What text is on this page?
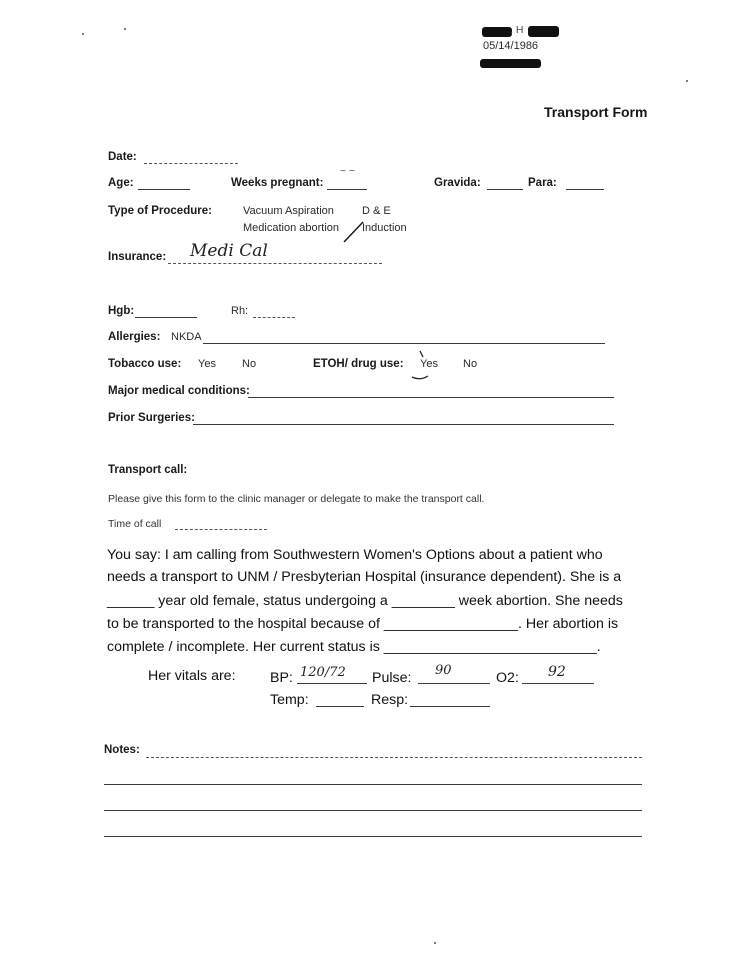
, H
05/14/1986
Transport Form
Date:
Age:	Weeks pregnant:
~ ~
Gravida:	Para:
Type of Procedure:	Vacuum Aspiration	D & E
Medication abortion Induction
Insurance: Medi Cal
Hgb:	Rh:
Allergies: NKDA
Tobacco use: Yes No	ETOH/ drug use: Yes No
Major medical conditions:
Prior Surgeries:
Transport call:
Please give this form to the clinic manager or delegate to make the transport call.
Time of call
You say: I am calling from Southwestern Women's Options about a patient who
needs a transport to UNM / Presbyterian Hospital (insurance dependent). She is a
______ year old female, status undergoing a ________ week abortion. She needs
to be transported to the hospital because of _________________. Her abortion is
complete / incomplete. Her current status is ___________________________.
Her vitals are: BP: 120/72 Pulse: 90	O2: 92
Temp:	Resp:
Notes:
